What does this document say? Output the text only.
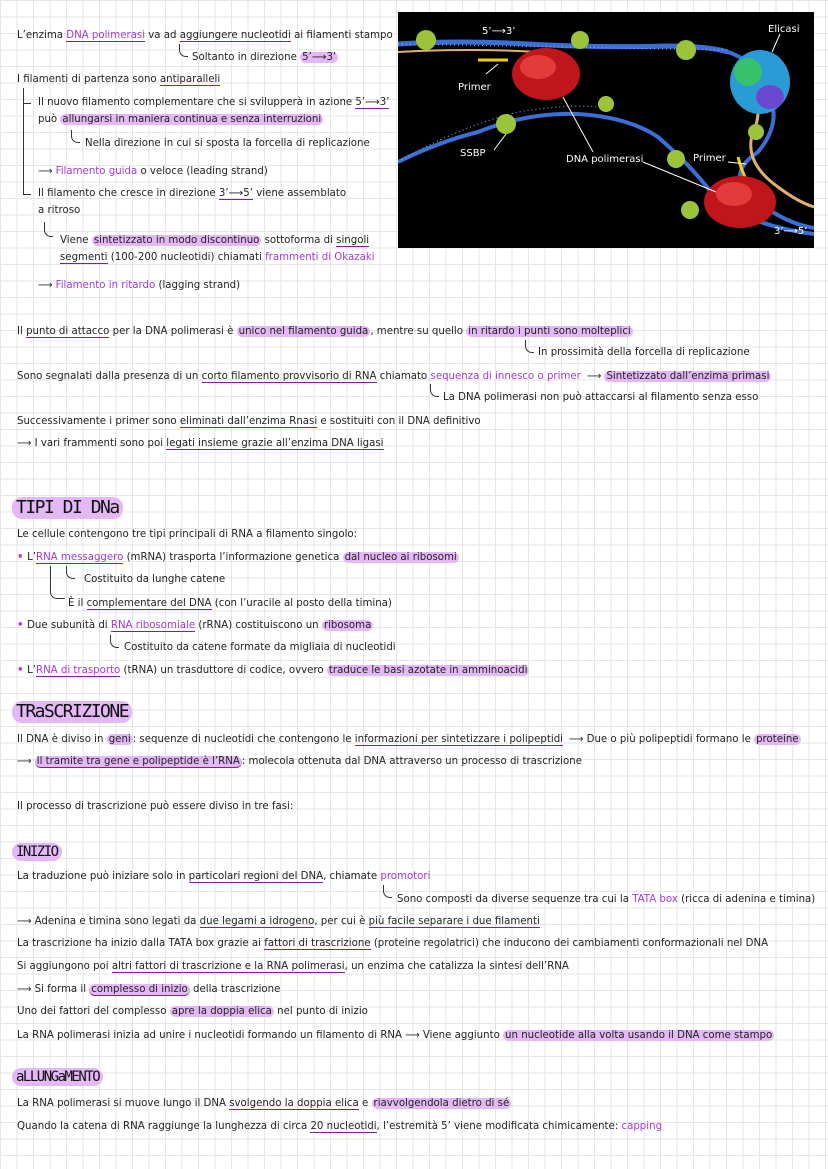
L’enzima DNA polimerasi va ad aggiungere nucleotidi ai filamenti stampo
Soltanto in direzione 5’⟶3’
I filamenti di partenza sono antiparalleli
Il nuovo filamento complementare che si svilupperà in azione 5’⟶3’
può allungarsi in maniera continua e senza interruzioni
Nella direzione in cui si sposta la forcella di replicazione
⟶ Filamento guida o veloce (leading strand)
Il filamento che cresce in direzione 3’⟶5’ viene assemblato
a ritroso
Viene sintetizzato in modo discontinuo sottoforma di singoli
segmenti (100-200 nucleotidi) chiamati frammenti di Okazaki
⟶ Filamento in ritardo (lagging strand)
5’⟶3’	Elicasi
Primer
SSBP
DNA polimerasi	Primer
3’⟶5’
Il punto di attacco per la DNA polimerasi è unico nel filamento guida , mentre su quello in ritardo i punti sono molteplici
In prossimità della forcella di replicazione
Sono segnalati dalla presenza di un corto filamento provvisorio di RNA chiamato sequenza di innesco o primer ⟶ Sintetizzato dall’enzima primasi
La DNA polimerasi non può attaccarsi al filamento senza esso
Successivamente i primer sono eliminati dall’enzima Rnasi e sostituiti con il DNA definitivo
⟶ I vari frammenti sono poi legati insieme grazie all’enzima DNA ligasi
TIPI DI DNa
Le cellule contengono tre tipi principali di RNA a filamento singolo:
• L’RNA messaggero (mRNA) trasporta l’informazione genetica dal nucleo ai ribosomi
Costituito da lunghe catene
È il complementare del DNA (con l’uracile al posto della timina)
• Due subunità di RNA ribosomiale (rRNA) costituiscono un ribosoma
Costituito da catene formate da migliaia di nucleotidi
• L’RNA di trasporto (tRNA) un trasduttore di codice, ovvero traduce le basi azotate in amminoacidi
TRaSCRIZIONE
Il DNA è diviso in geni : sequenze di nucleotidi che contengono le informazioni per sintetizzare i polipeptidi ⟶ Due o più polipeptidi formano le proteine
⟶ Il tramite tra gene e polipeptide è l’RNA : molecola ottenuta dal DNA attraverso un processo di trascrizione
Il processo di trascrizione può essere diviso in tre fasi:
INIZIO
La traduzione può iniziare solo in particolari regioni del DNA, chiamate promotori
Sono composti da diverse sequenze tra cui la TATA box (ricca di adenina e timina)
⟶ Adenina e timina sono legati da due legami a idrogeno, per cui è più facile separare i due filamenti
La trascrizione ha inizio dalla TATA box grazie ai fattori di trascrizione (proteine regolatrici) che inducono dei cambiamenti conformazionali nel DNA
Si aggiungono poi altri fattori di trascrizione e la RNA polimerasi, un enzima che catalizza la sintesi dell’RNA
⟶ Si forma il complesso di inizio della trascrizione
Uno dei fattori del complesso apre la doppia elica nel punto di inizio
La RNA polimerasi inizia ad unire i nucleotidi formando un filamento di RNA ⟶ Viene aggiunto un nucleotide alla volta usando il DNA come stampo
aLLUNGaMENTO
La RNA polimerasi si muove lungo il DNA svolgendo la doppia elica e riavvolgendola dietro di sé
Quando la catena di RNA raggiunge la lunghezza di circa 20 nucleotidi, l’estremità 5’ viene modificata chimicamente: capping
